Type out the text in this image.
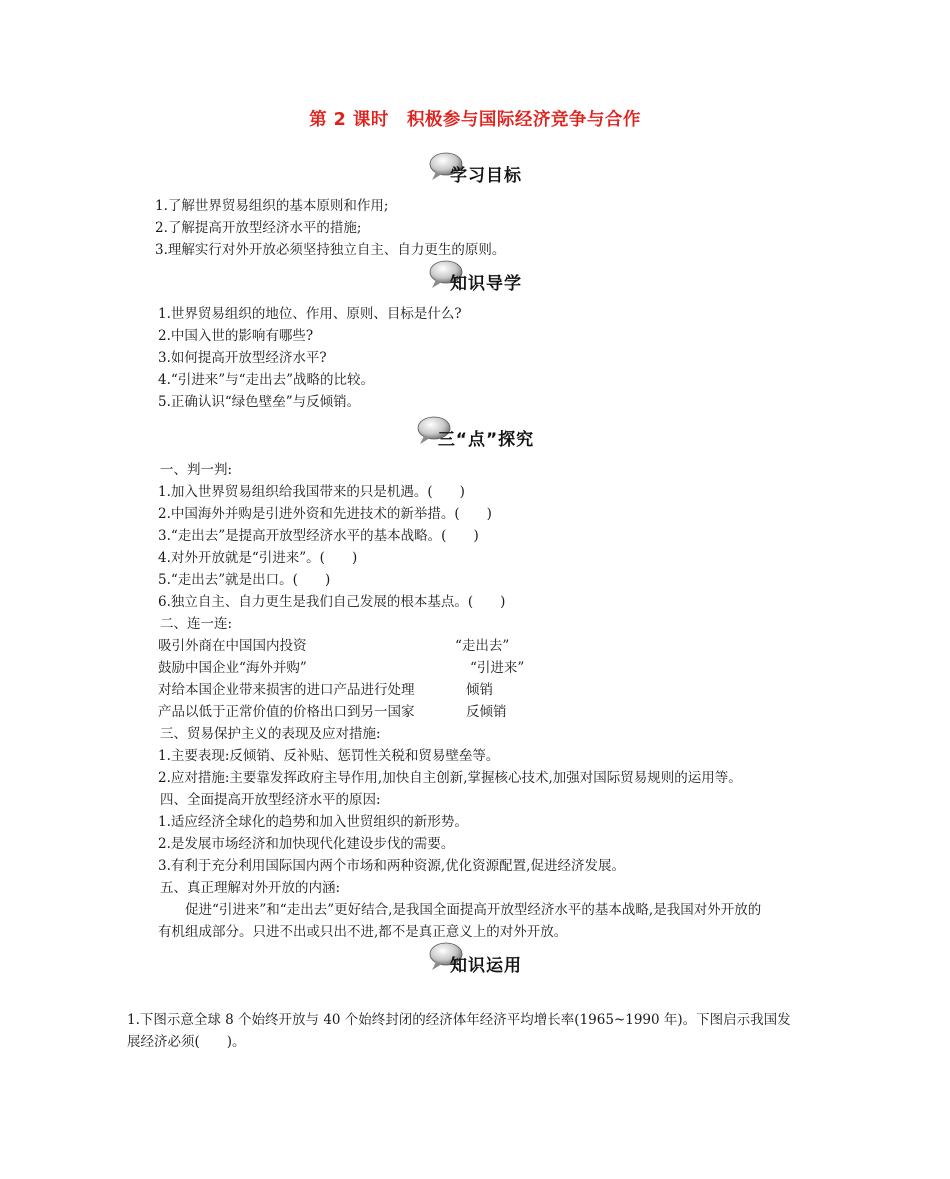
第 2 课时 积极参与国际经济竞争与合作
学习目标
1.了解世界贸易组织的基本原则和作用;
2.了解提高开放型经济水平的措施;
3.理解实行对外开放必须坚持独立自主、自力更生的原则。
知识导学
1.世界贸易组织的地位、作用、原则、目标是什么?
2.中国入世的影响有哪些?
3.如何提高开放型经济水平?
4.“引进来”与“走出去”战略的比较。
5.正确认识“绿色壁垒”与反倾销。
三“点”探究
一、判一判:
1.加入世界贸易组织给我国带来的只是机遇。(　　)
2.中国海外并购是引进外资和先进技术的新举措。(　　)
3.“走出去”是提高开放型经济水平的基本战略。(　　)
4.对外开放就是“引进来”。(　　)
5.“走出去”就是出口。(　　)
6.独立自主、自力更生是我们自己发展的根本基点。(　　)
二、连一连:
吸引外商在中国国内投资	“走出去”
鼓励中国企业“海外并购”	“引进来”
对给本国企业带来损害的进口产品进行处理	倾销
产品以低于正常价值的价格出口到另一国家	反倾销
三、贸易保护主义的表现及应对措施:
1.主要表现:反倾销、反补贴、惩罚性关税和贸易壁垒等。
2.应对措施:主要靠发挥政府主导作用,加快自主创新,掌握核心技术,加强对国际贸易规则的运用等。
四、全面提高开放型经济水平的原因:
1.适应经济全球化的趋势和加入世贸组织的新形势。
2.是发展市场经济和加快现代化建设步伐的需要。
3.有利于充分利用国际国内两个市场和两种资源,优化资源配置,促进经济发展。
五、真正理解对外开放的内涵:
促进“引进来”和“走出去”更好结合,是我国全面提高开放型经济水平的基本战略,是我国对外开放的
有机组成部分。只进不出或只出不进,都不是真正意义上的对外开放。
知识运用
1.下图示意全球 8 个始终开放与 40 个始终封闭的经济体年经济平均增长率(1965~1990 年)。下图启示我国发
展经济必须(　　)。
